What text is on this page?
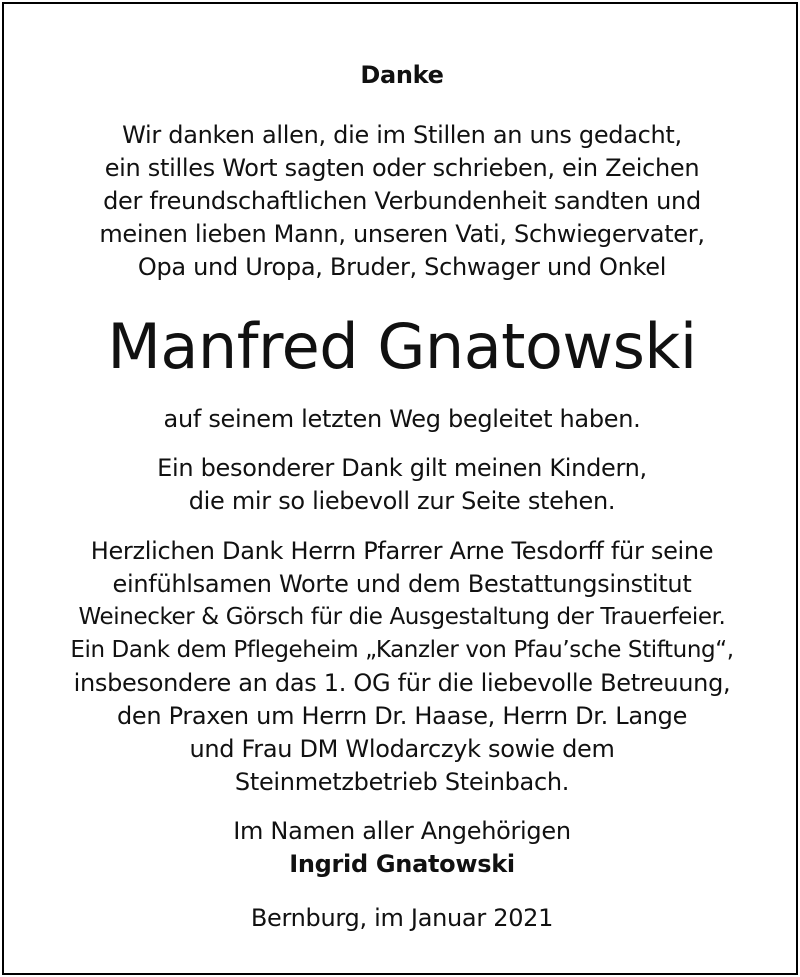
Danke
Wir danken allen, die im Stillen an uns gedacht,
ein stilles Wort sagten oder schrieben, ein Zeichen
der freundschaftlichen Verbundenheit sandten und
meinen lieben Mann, unseren Vati, Schwiegervater,
Opa und Uropa, Bruder, Schwager und Onkel
Manfred Gnatowski
auf seinem letzten Weg begleitet haben.
Ein besonderer Dank gilt meinen Kindern,
die mir so liebevoll zur Seite stehen.
Herzlichen Dank Herrn Pfarrer Arne Tesdorff für seine
einfühlsamen Worte und dem Bestattungsinstitut
Weinecker & Görsch für die Ausgestaltung der Trauerfeier.
Ein Dank dem Pflegeheim „Kanzler von Pfau’sche Stiftung“,
insbesondere an das 1. OG für die liebevolle Betreuung,
den Praxen um Herrn Dr. Haase, Herrn Dr. Lange
und Frau DM Wlodarczyk sowie dem
Steinmetzbetrieb Steinbach.
Im Namen aller Angehörigen
Ingrid Gnatowski
Bernburg, im Januar 2021
